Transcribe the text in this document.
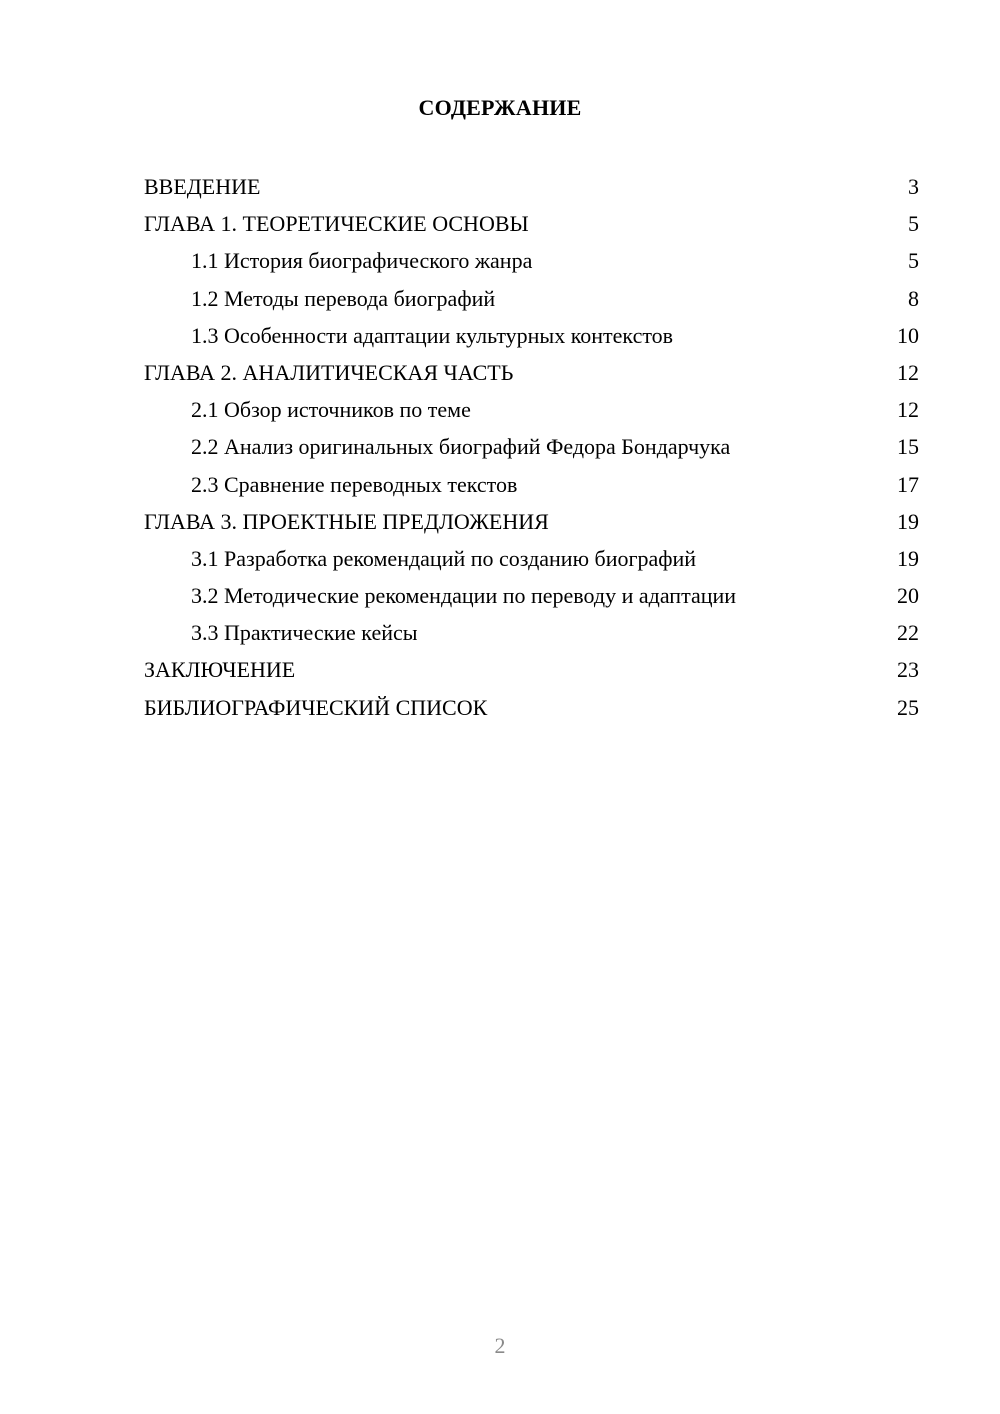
СОДЕРЖАНИЕ
ВВЕДЕНИЕ	3
ГЛАВА 1. ТЕОРЕТИЧЕСКИЕ ОСНОВЫ	5
1.1 История биографического жанра	5
1.2 Методы перевода биографий	8
1.3 Особенности адаптации культурных контекстов	10
ГЛАВА 2. АНАЛИТИЧЕСКАЯ ЧАСТЬ	12
2.1 Обзор источников по теме	12
2.2 Анализ оригинальных биографий Федора Бондарчука	15
2.3 Сравнение переводных текстов	17
ГЛАВА 3. ПРОЕКТНЫЕ ПРЕДЛОЖЕНИЯ	19
3.1 Разработка рекомендаций по созданию биографий	19
3.2 Методические рекомендации по переводу и адаптации	20
3.3 Практические кейсы	22
ЗАКЛЮЧЕНИЕ	23
БИБЛИОГРАФИЧЕСКИЙ СПИСОК	25
2
